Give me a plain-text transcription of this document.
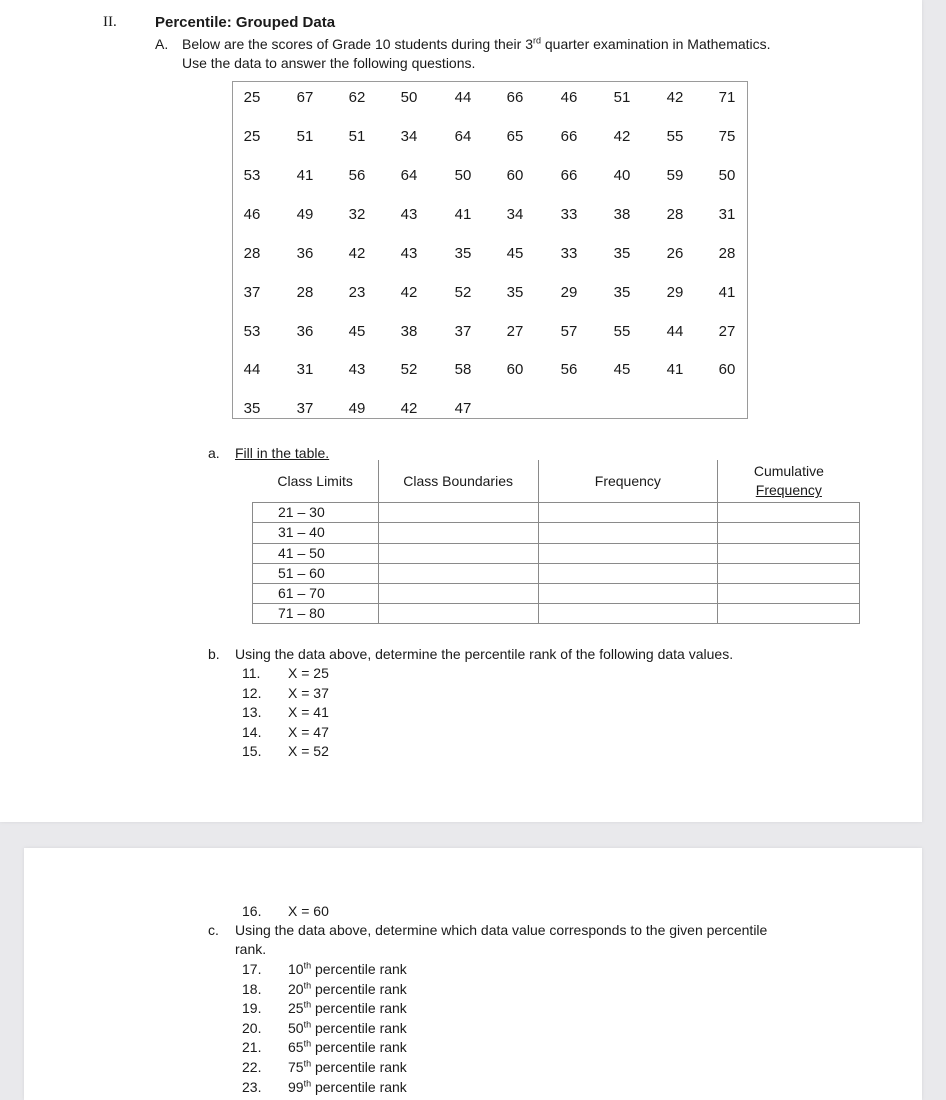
II.	Percentile: Grouped Data
A. Below are the scores of Grade 10 students during their 3rd quarter examination in Mathematics.
Use the data to answer the following questions.
25	67	62	50	44	66	46	51	42	71
25	51	51	34	64	65	66	42	55	75
53	41	56	64	50	60	66	40	59	50
46	49	32	43	41	34	33	38	28	31
28	36	42	43	35	45	33	35	26	28
37	28	23	42	52	35	29	35	29	41
53	36	45	38	37	27	57	55	44	27
44	31	43	52	58	60	56	45	41	60
35	37	49	42	47
a. Fill in the table.
Class Limits	Class Boundaries	Frequency	Cumulative
Frequency
21 – 30			
31 – 40			
41 – 50			
51 – 60			
61 – 70			
71 – 80			
b. Using the data above, determine the percentile rank of the following data values.
11.	X = 25
12.	X = 37
13.	X = 41
14.	X = 47
15.	X = 52
16.	X = 60
c. Using the data above, determine which data value corresponds to the given percentile
rank.
17.	10th percentile rank
18.	20th percentile rank
19.	25th percentile rank
20.	50th percentile rank
21.	65th percentile rank
22.	75th percentile rank
23.	99th percentile rank
